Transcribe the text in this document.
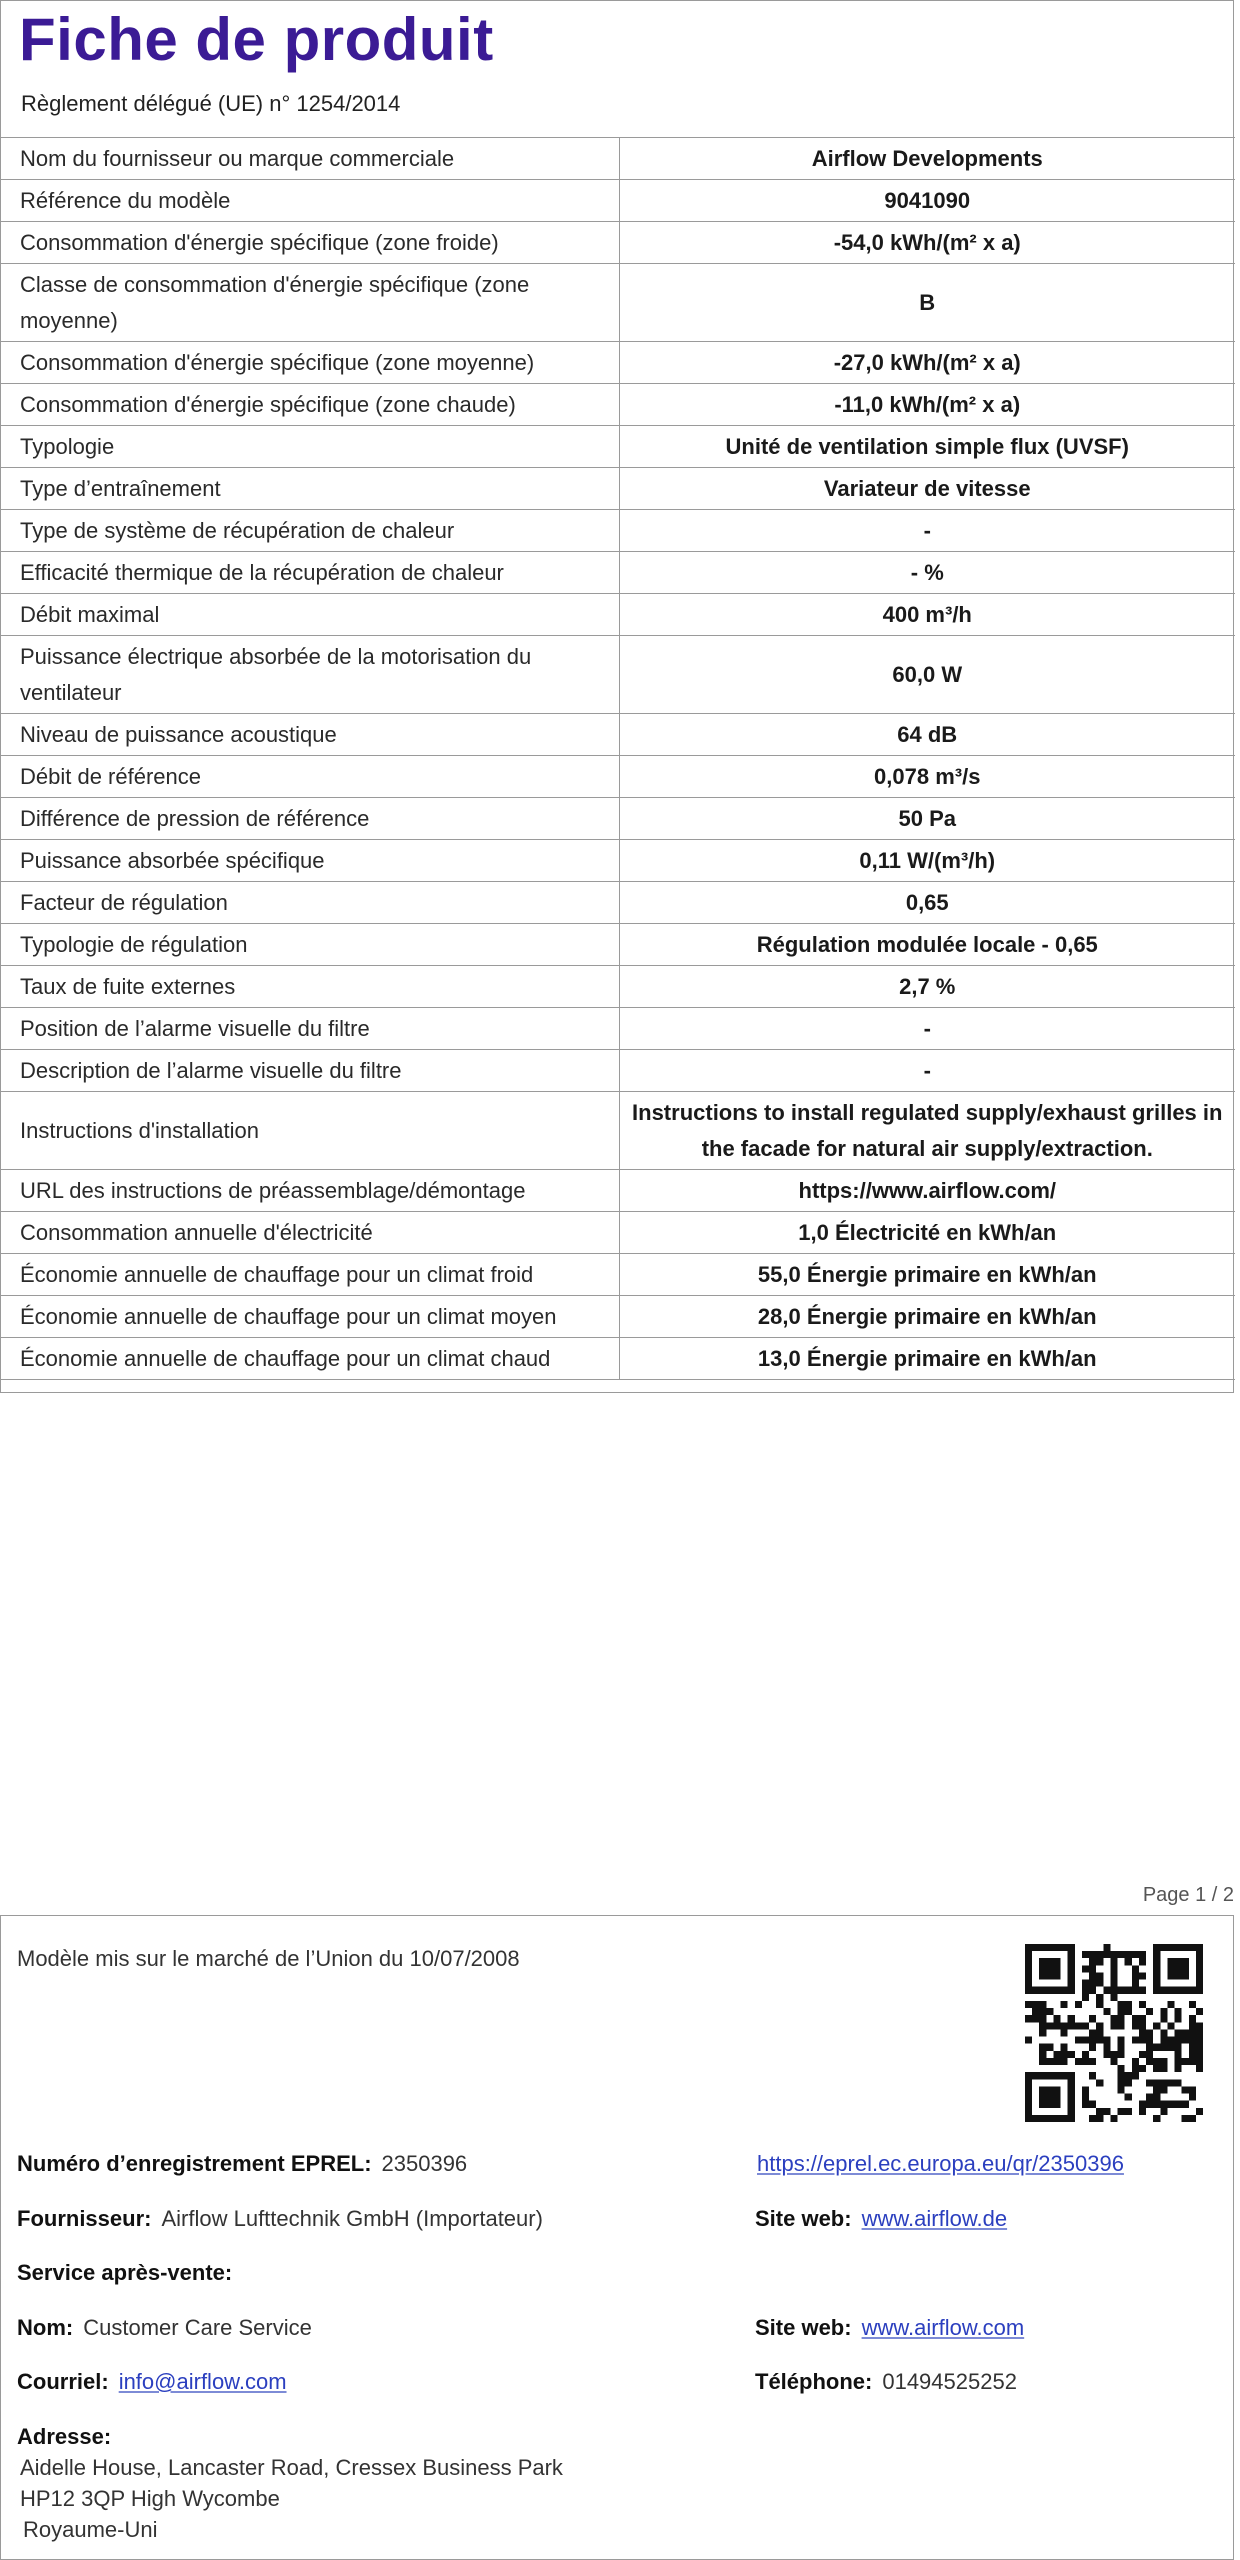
Fiche de produit
Règlement délégué (UE) n° 1254/2014
Nom du fournisseur ou marque commerciale	Airflow Developments
Référence du modèle	9041090
Consommation d'énergie spécifique (zone froide)	-54,0 kWh/(m² x a)
Classe de consommation d'énergie spécifique (zone moyenne)	B
Consommation d'énergie spécifique (zone moyenne)	-27,0 kWh/(m² x a)
Consommation d'énergie spécifique (zone chaude)	-11,0 kWh/(m² x a)
Typologie	Unité de ventilation simple flux (UVSF)
Type d’entraînement	Variateur de vitesse
Type de système de récupération de chaleur	-
Efficacité thermique de la récupération de chaleur	- %
Débit maximal	400 m³/h
Puissance électrique absorbée de la motorisation du ventilateur	60,0 W
Niveau de puissance acoustique	64 dB
Débit de référence	0,078 m³/s
Différence de pression de référence	50 Pa
Puissance absorbée spécifique	0,11 W/(m³/h)
Facteur de régulation	0,65
Typologie de régulation	Régulation modulée locale - 0,65
Taux de fuite externes	2,7 %
Position de l’alarme visuelle du filtre	-
Description de l’alarme visuelle du filtre	-
Instructions d'installation	Instructions to install regulated supply/exhaust grilles in the facade for natural air supply/extraction.
URL des instructions de préassemblage/démontage	https://www.airflow.com/
Consommation annuelle d'électricité	1,0 Électricité en kWh/an
Économie annuelle de chauffage pour un climat froid	55,0 Énergie primaire en kWh/an
Économie annuelle de chauffage pour un climat moyen	28,0 Énergie primaire en kWh/an
Économie annuelle de chauffage pour un climat chaud	13,0 Énergie primaire en kWh/an
Page 1 / 2
Modèle mis sur le marché de l’Union du 10/07/2008
Numéro d’enregistrement EPREL: 2350396	https://eprel.ec.europa.eu/qr/2350396
Fournisseur: Airflow Lufttechnik GmbH (Importateur)	Site web: www.airflow.de
Service après-vente:
Nom: Customer Care Service	Site web: www.airflow.com
Courriel: info@airflow.com	Téléphone: 01494525252
Adresse:
Aidelle House, Lancaster Road, Cressex Business Park
HP12 3QP High Wycombe
Royaume-Uni
